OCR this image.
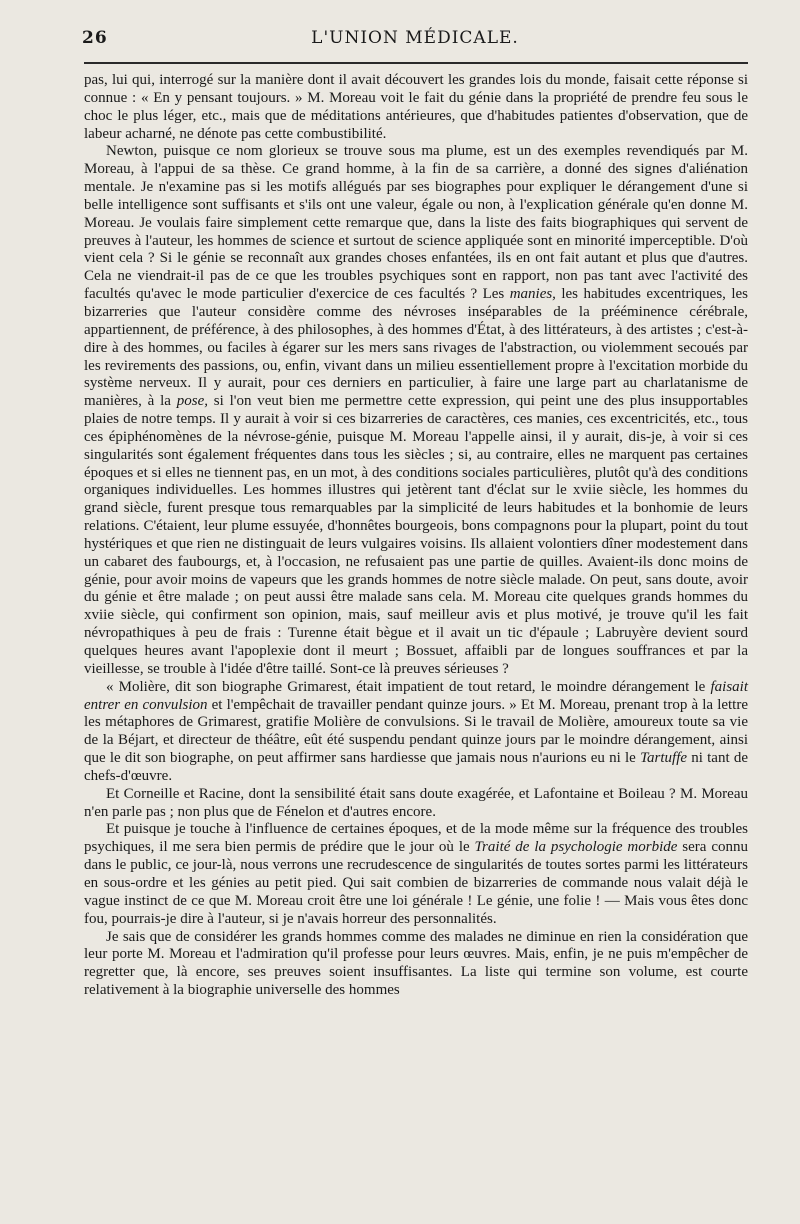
26	L'UNION MÉDICALE.

pas, lui qui, interrogé sur la manière dont il avait découvert les grandes lois du monde, faisait cette réponse si connue : « En y pensant toujours. » M. Moreau voit le fait du génie dans la propriété de prendre feu sous le choc le plus léger, etc., mais que de méditations antérieures, que d'habitudes patientes d'observation, que de labeur acharné, ne dénote pas cette combustibilité.

Newton, puisque ce nom glorieux se trouve sous ma plume, est un des exemples revendiqués par M. Moreau, à l'appui de sa thèse. Ce grand homme, à la fin de sa carrière, a donné des signes d'aliénation mentale. Je n'examine pas si les motifs allégués par ses biographes pour expliquer le dérangement d'une si belle intelligence sont suffisants et s'ils ont une valeur, égale ou non, à l'explication générale qu'en donne M. Moreau. Je voulais faire simplement cette remarque que, dans la liste des faits biographiques qui servent de preuves à l'auteur, les hommes de science et surtout de science appliquée sont en minorité imperceptible. D'où vient cela ? Si le génie se reconnaît aux grandes choses enfantées, ils en ont fait autant et plus que d'autres. Cela ne viendrait-il pas de ce que les troubles psychiques sont en rapport, non pas tant avec l'activité des facultés qu'avec le mode particulier d'exercice de ces facultés ? Les manies, les habitudes excentriques, les bizarreries que l'auteur considère comme des névroses inséparables de la prééminence cérébrale, appartiennent, de préférence, à des philosophes, à des hommes d'État, à des littérateurs, à des artistes ; c'est-à-dire à des hommes, ou faciles à égarer sur les mers sans rivages de l'abstraction, ou violemment secoués par les revirements des passions, ou, enfin, vivant dans un milieu essentiellement propre à l'excitation morbide du système nerveux. Il y aurait, pour ces derniers en particulier, à faire une large part au charlatanisme de manières, à la pose, si l'on veut bien me permettre cette expression, qui peint une des plus insupportables plaies de notre temps. Il y aurait à voir si ces bizarreries de caractères, ces manies, ces excentricités, etc., tous ces épiphénomènes de la névrose-génie, puisque M. Moreau l'appelle ainsi, il y aurait, dis-je, à voir si ces singularités sont également fréquentes dans tous les siècles ; si, au contraire, elles ne marquent pas certaines époques et si elles ne tiennent pas, en un mot, à des conditions sociales particulières, plutôt qu'à des conditions organiques individuelles. Les hommes illustres qui jetèrent tant d'éclat sur le xviie siècle, les hommes du grand siècle, furent presque tous remarquables par la simplicité de leurs habitudes et la bonhomie de leurs relations. C'étaient, leur plume essuyée, d'honnêtes bourgeois, bons compagnons pour la plupart, point du tout hystériques et que rien ne distinguait de leurs vulgaires voisins. Ils allaient volontiers dîner modestement dans un cabaret des faubourgs, et, à l'occasion, ne refusaient pas une partie de quilles. Avaient-ils donc moins de génie, pour avoir moins de vapeurs que les grands hommes de notre siècle malade. On peut, sans doute, avoir du génie et être malade ; on peut aussi être malade sans cela. M. Moreau cite quelques grands hommes du xviie siècle, qui confirment son opinion, mais, sauf meilleur avis et plus motivé, je trouve qu'il les fait névropathiques à peu de frais : Turenne était bègue et il avait un tic d'épaule ; Labruyère devient sourd quelques heures avant l'apoplexie dont il meurt ; Bossuet, affaibli par de longues souffrances et par la vieillesse, se trouble à l'idée d'être taillé. Sont-ce là preuves sérieuses ?

« Molière, dit son biographe Grimarest, était impatient de tout retard, le moindre dérangement le faisait entrer en convulsion et l'empêchait de travailler pendant quinze jours. » Et M. Moreau, prenant trop à la lettre les métaphores de Grimarest, gratifie Molière de convulsions. Si le travail de Molière, amoureux toute sa vie de la Béjart, et directeur de théâtre, eût été suspendu pendant quinze jours par le moindre dérangement, ainsi que le dit son biographe, on peut affirmer sans hardiesse que jamais nous n'aurions eu ni le Tartuffe ni tant de chefs-d'œuvre.

Et Corneille et Racine, dont la sensibilité était sans doute exagérée, et Lafontaine et Boileau ? M. Moreau n'en parle pas ; non plus que de Fénelon et d'autres encore.

Et puisque je touche à l'influence de certaines époques, et de la mode même sur la fréquence des troubles psychiques, il me sera bien permis de prédire que le jour où le Traité de la psychologie morbide sera connu dans le public, ce jour-là, nous verrons une recrudescence de singularités de toutes sortes parmi les littérateurs en sous-ordre et les génies au petit pied. Qui sait combien de bizarreries de commande nous valait déjà le vague instinct de ce que M. Moreau croit être une loi générale ! Le génie, une folie ! — Mais vous êtes donc fou, pourrais-je dire à l'auteur, si je n'avais horreur des personnalités.

Je sais que de considérer les grands hommes comme des malades ne diminue en rien la considération que leur porte M. Moreau et l'admiration qu'il professe pour leurs œuvres. Mais, enfin, je ne puis m'empêcher de regretter que, là encore, ses preuves soient insuffisantes. La liste qui termine son volume, est courte relativement à la biographie universelle des hommes
